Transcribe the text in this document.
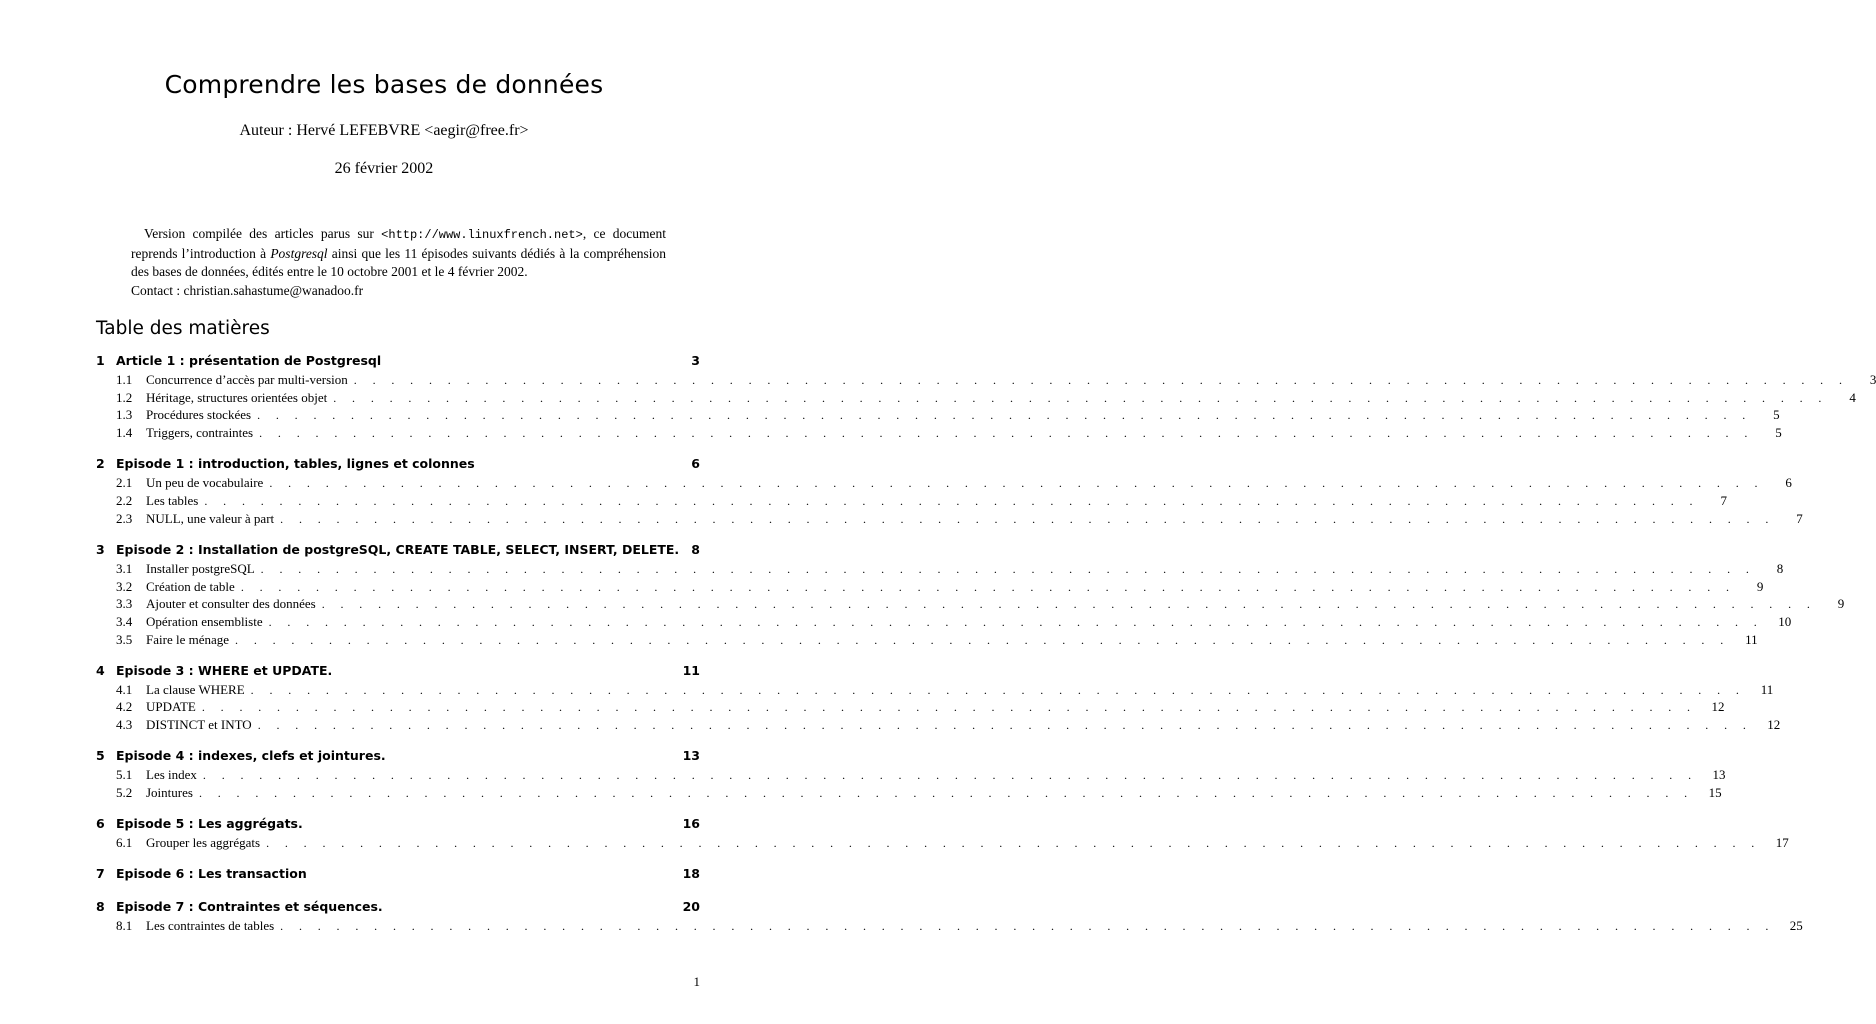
Comprendre les bases de données
Auteur : Hervé LEFEBVRE <aegir@free.fr>
26 février 2002

Version compilée des articles parus sur <http://www.linuxfrench.net>, ce document reprends l’introduction à Postgresql ainsi que les 11 épisodes suivants dédiés à la compréhension des bases de données, édités entre le 10 octobre 2001 et le 4 février 2002.

Contact : christian.sahastume@wanadoo.fr

Table des matières
1 Article 1 : présentation de Postgresql	3
1.1	Concurrence d’accès par multi-version . . . . . . . . . . . . . . . . . . . . . . . . . . . . . . . . . . . . . . . . . . . . . . . . . . . . . . . . . . . . . . . . . . . . . . . . . . . . . . . .	3
1.2	Héritage, structures orientées objet . . . . . . . . . . . . . . . . . . . . . . . . . . . . . . . . . . . . . . . . . . . . . . . . . . . . . . . . . . . . . . . . . . . . . . . . . . . . . . . .	4
1.3	Procédures stockées . . . . . . . . . . . . . . . . . . . . . . . . . . . . . . . . . . . . . . . . . . . . . . . . . . . . . . . . . . . . . . . . . . . . . . . . . . . . . . . .	5
1.4	Triggers, contraintes . . . . . . . . . . . . . . . . . . . . . . . . . . . . . . . . . . . . . . . . . . . . . . . . . . . . . . . . . . . . . . . . . . . . . . . . . . . . . . . .	5
2 Episode 1 : introduction, tables, lignes et colonnes	6
2.1	Un peu de vocabulaire . . . . . . . . . . . . . . . . . . . . . . . . . . . . . . . . . . . . . . . . . . . . . . . . . . . . . . . . . . . . . . . . . . . . . . . . . . . . . . . .	6
2.2	Les tables . . . . . . . . . . . . . . . . . . . . . . . . . . . . . . . . . . . . . . . . . . . . . . . . . . . . . . . . . . . . . . . . . . . . . . . . . . . . . . . .	7
2.3	NULL, une valeur à part . . . . . . . . . . . . . . . . . . . . . . . . . . . . . . . . . . . . . . . . . . . . . . . . . . . . . . . . . . . . . . . . . . . . . . . . . . . . . . . .	7
3 Episode 2 : Installation de postgreSQL, CREATE TABLE, SELECT, INSERT, DELETE. 8
3.1	Installer postgreSQL . . . . . . . . . . . . . . . . . . . . . . . . . . . . . . . . . . . . . . . . . . . . . . . . . . . . . . . . . . . . . . . . . . . . . . . . . . . . . . . .	8
3.2	Création de table . . . . . . . . . . . . . . . . . . . . . . . . . . . . . . . . . . . . . . . . . . . . . . . . . . . . . . . . . . . . . . . . . . . . . . . . . . . . . . . .	9
3.3	Ajouter et consulter des données . . . . . . . . . . . . . . . . . . . . . . . . . . . . . . . . . . . . . . . . . . . . . . . . . . . . . . . . . . . . . . . . . . . . . . . . . . . . . . . .	9
3.4	Opération ensembliste . . . . . . . . . . . . . . . . . . . . . . . . . . . . . . . . . . . . . . . . . . . . . . . . . . . . . . . . . . . . . . . . . . . . . . . . . . . . . . . .	10
3.5	Faire le ménage . . . . . . . . . . . . . . . . . . . . . . . . . . . . . . . . . . . . . . . . . . . . . . . . . . . . . . . . . . . . . . . . . . . . . . . . . . . . . . . .	11
4 Episode 3 : WHERE et UPDATE.	11
4.1	La clause WHERE . . . . . . . . . . . . . . . . . . . . . . . . . . . . . . . . . . . . . . . . . . . . . . . . . . . . . . . . . . . . . . . . . . . . . . . . . . . . . . . .	11
4.2	UPDATE . . . . . . . . . . . . . . . . . . . . . . . . . . . . . . . . . . . . . . . . . . . . . . . . . . . . . . . . . . . . . . . . . . . . . . . . . . . . . . . .	12
4.3	DISTINCT et INTO . . . . . . . . . . . . . . . . . . . . . . . . . . . . . . . . . . . . . . . . . . . . . . . . . . . . . . . . . . . . . . . . . . . . . . . . . . . . . . . .	12
5 Episode 4 : indexes, clefs et jointures.	13
5.1	Les index . . . . . . . . . . . . . . . . . . . . . . . . . . . . . . . . . . . . . . . . . . . . . . . . . . . . . . . . . . . . . . . . . . . . . . . . . . . . . . . .	13
5.2	Jointures . . . . . . . . . . . . . . . . . . . . . . . . . . . . . . . . . . . . . . . . . . . . . . . . . . . . . . . . . . . . . . . . . . . . . . . . . . . . . . . .	15
6 Episode 5 : Les aggrégats.	16
6.1	Grouper les aggrégats . . . . . . . . . . . . . . . . . . . . . . . . . . . . . . . . . . . . . . . . . . . . . . . . . . . . . . . . . . . . . . . . . . . . . . . . . . . . . . . .	17
7 Episode 6 : Les transaction	18
8 Episode 7 : Contraintes et séquences.	20
8.1	Les contraintes de tables . . . . . . . . . . . . . . . . . . . . . . . . . . . . . . . . . . . . . . . . . . . . . . . . . . . . . . . . . . . . . . . . . . . . . . . . . . . . . . . .	25
1
